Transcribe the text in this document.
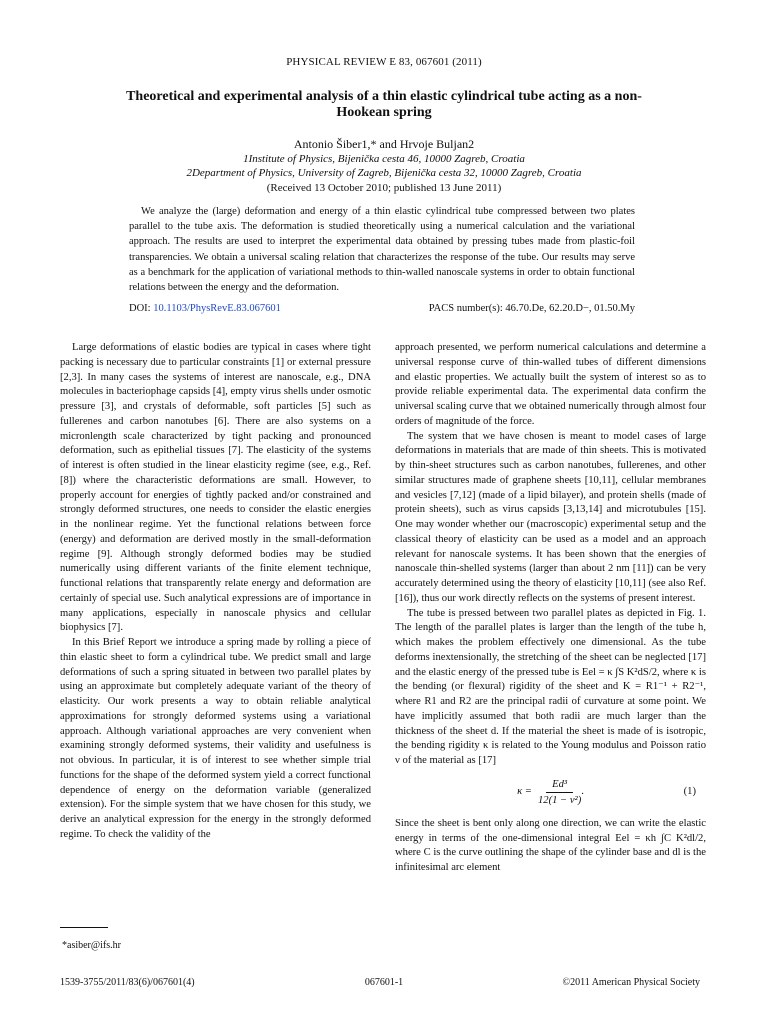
PHYSICAL REVIEW E 83, 067601 (2011)
Theoretical and experimental analysis of a thin elastic cylindrical tube acting as a non-Hookean spring
Antonio Šiber1,* and Hrvoje Buljan2
1Institute of Physics, Bijenička cesta 46, 10000 Zagreb, Croatia
2Department of Physics, University of Zagreb, Bijenička cesta 32, 10000 Zagreb, Croatia
(Received 13 October 2010; published 13 June 2011)
We analyze the (large) deformation and energy of a thin elastic cylindrical tube compressed between two plates parallel to the tube axis. The deformation is studied theoretically using a numerical calculation and the variational approach. The results are used to interpret the experimental data obtained by pressing tubes made from plastic-foil transparencies. We obtain a universal scaling relation that characterizes the response of the tube. Our results may serve as a benchmark for the application of variational methods to thin-walled nanoscale systems in order to obtain functional relations between the energy and the deformation.
DOI: 10.1103/PhysRevE.83.067601	PACS number(s): 46.70.De, 62.20.D−, 01.50.My

Large deformations of elastic bodies are typical in cases where tight packing is necessary due to particular constraints [1] or external pressure [2,3]. In many cases the systems of interest are nanoscale, e.g., DNA molecules in bacteriophage capsids [4], empty virus shells under osmotic pressure [3], and crystals of deformable, soft particles [5] such as fullerenes and carbon nanotubes [6]. There are also systems on a micronlength scale characterized by tight packing and pronounced deformation, such as epithelial tissues [7]. The elasticity of the systems of interest is often studied in the linear elasticity regime (see, e.g., Ref. [8]) where the characteristic deformations are small. However, to properly account for energies of tightly packed and/or constrained and strongly deformed structures, one needs to consider the elastic energies in the nonlinear regime. Yet the functional relations between force (energy) and deformation are derived mostly in the small-deformation regime [9]. Although strongly deformed bodies may be studied numerically using different variants of the finite element technique, functional relations that transparently relate energy and deformation are certainly of special use. Such analytical expressions are of importance in many applications, especially in nanoscale physics and cellular biophysics [7].

In this Brief Report we introduce a spring made by rolling a piece of thin elastic sheet to form a cylindrical tube. We predict small and large deformations of such a spring situated in between two parallel plates by using an approximate but completely adequate variant of the theory of elasticity. Our work presents a way to obtain reliable analytical approximations for strongly deformed systems using a variational approach. Although variational approaches are very convenient when examining strongly deformed systems, their validity and usefulness is not obvious. In particular, it is of interest to see whether simple trial functions for the shape of the deformed system yield a correct functional dependence of energy on the deformation variable (generalized extension). For the simple system that we have chosen for this study, we derive an analytical expression for the energy in the strongly deformed regime. To check the validity of the

approach presented, we perform numerical calculations and determine a universal response curve of thin-walled tubes of different dimensions and elastic properties. We actually built the system of interest so as to provide reliable experimental data. The experimental data confirm the universal scaling curve that we obtained numerically through almost four orders of magnitude of the force.

The system that we have chosen is meant to model cases of large deformations in materials that are made of thin sheets. This is motivated by thin-sheet structures such as carbon nanotubes, fullerenes, and other similar structures made of graphene sheets [10,11], cellular membranes and vesicles [7,12] (made of a lipid bilayer), and protein shells (made of protein sheets), such as virus capsids [3,13,14] and microtubules [15]. One may wonder whether our (macroscopic) experimental setup and the classical theory of elasticity can be used as a model and an approach relevant for nanoscale systems. It has been shown that the energies of nanoscale thin-shelled systems (larger than about 2 nm [11]) can be very accurately determined using the theory of elasticity [10,11] (see also Ref. [16]), thus our work directly reflects on the systems of present interest.

The tube is pressed between two parallel plates as depicted in Fig. 1. The length of the parallel plates is larger than the length of the tube h, which makes the problem effectively one dimensional. As the tube deforms inextensionally, the stretching of the sheet can be neglected [17] and the elastic energy of the pressed tube is Eel = κ ∫S K²dS/2, where κ is the bending (or flexural) rigidity of the sheet and K = R1⁻¹ + R2⁻¹, where R1 and R2 are the principal radii of curvature at some point. We have implicitly assumed that both radii are much larger than the thickness of the sheet d. If the material the sheet is made of is isotropic, the bending rigidity κ is related to the Young modulus and Poisson ratio ν of the material as [17]

$\kappa = \frac{\text{Ed³}}{\text{12(1 − ν²)}}$ .	(1)

Since the sheet is bent only along one direction, we can write the elastic energy in terms of the one-dimensional integral Eel = κh ∫C K²dl/2, where C is the curve outlining the shape of the cylinder base and dl is the infinitesimal arc element

*asiber@ifs.hr
1539-3755/2011/83(6)/067601(4)	067601-1	©2011 American Physical Society
